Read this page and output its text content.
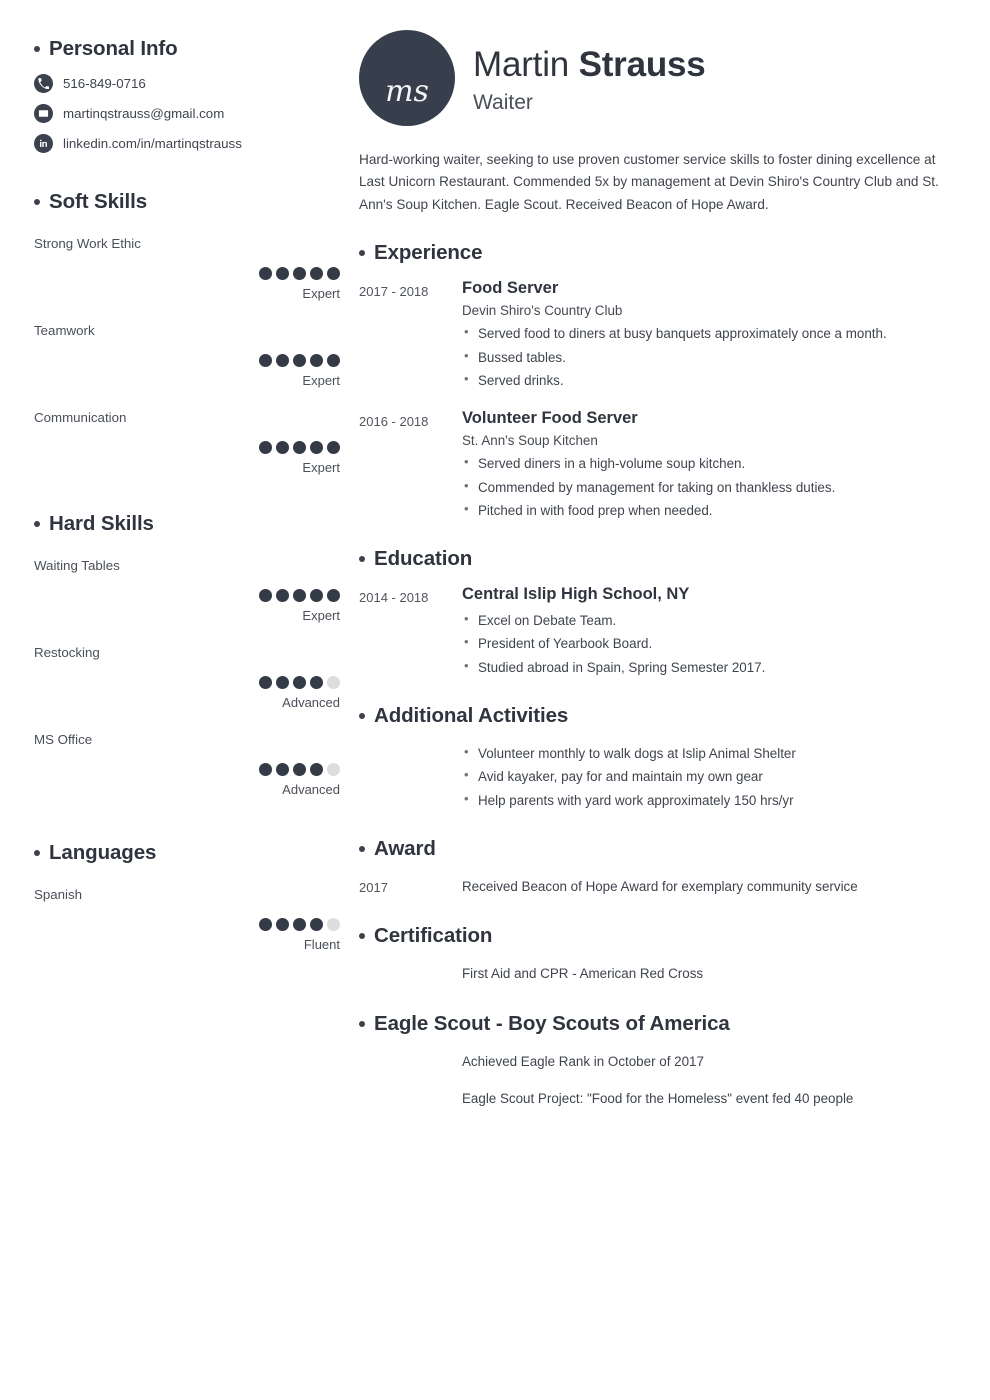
Personal Info
516-849-0716
martinqstrauss@gmail.com
linkedin.com/in/martinqstrauss
Soft Skills
Strong Work Ethic
Expert
Teamwork
Expert
Communication
Expert
Hard Skills
Waiting Tables
Expert
Restocking
Advanced
MS Office
Advanced
Languages
Spanish
Fluent
ms
Martin Strauss
Waiter

Hard-working waiter, seeking to use proven customer service skills to foster dining excellence at Last Unicorn Restaurant. Commended 5x by management at Devin Shiro's Country Club and St. Ann's Soup Kitchen. Eagle Scout. Received Beacon of Hope Award.

Experience
2017 - 2018	Food Server
Devin Shiro's Country Club
• Served food to diners at busy banquets approximately once a month.
• Bussed tables.
• Served drinks.
2016 - 2018	Volunteer Food Server
St. Ann's Soup Kitchen
• Served diners in a high-volume soup kitchen.
• Commended by management for taking on thankless duties.
• Pitched in with food prep when needed.
Education
2014 - 2018	Central Islip High School, NY
• Excel on Debate Team.
• President of Yearbook Board.
• Studied abroad in Spain, Spring Semester 2017.
Additional Activities
• Volunteer monthly to walk dogs at Islip Animal Shelter
• Avid kayaker, pay for and maintain my own gear
• Help parents with yard work approximately 150 hrs/yr
Award
2017	Received Beacon of Hope Award for exemplary community service
Certification
First Aid and CPR - American Red Cross
Eagle Scout - Boy Scouts of America
Achieved Eagle Rank in October of 2017
Eagle Scout Project: "Food for the Homeless" event fed 40 people
